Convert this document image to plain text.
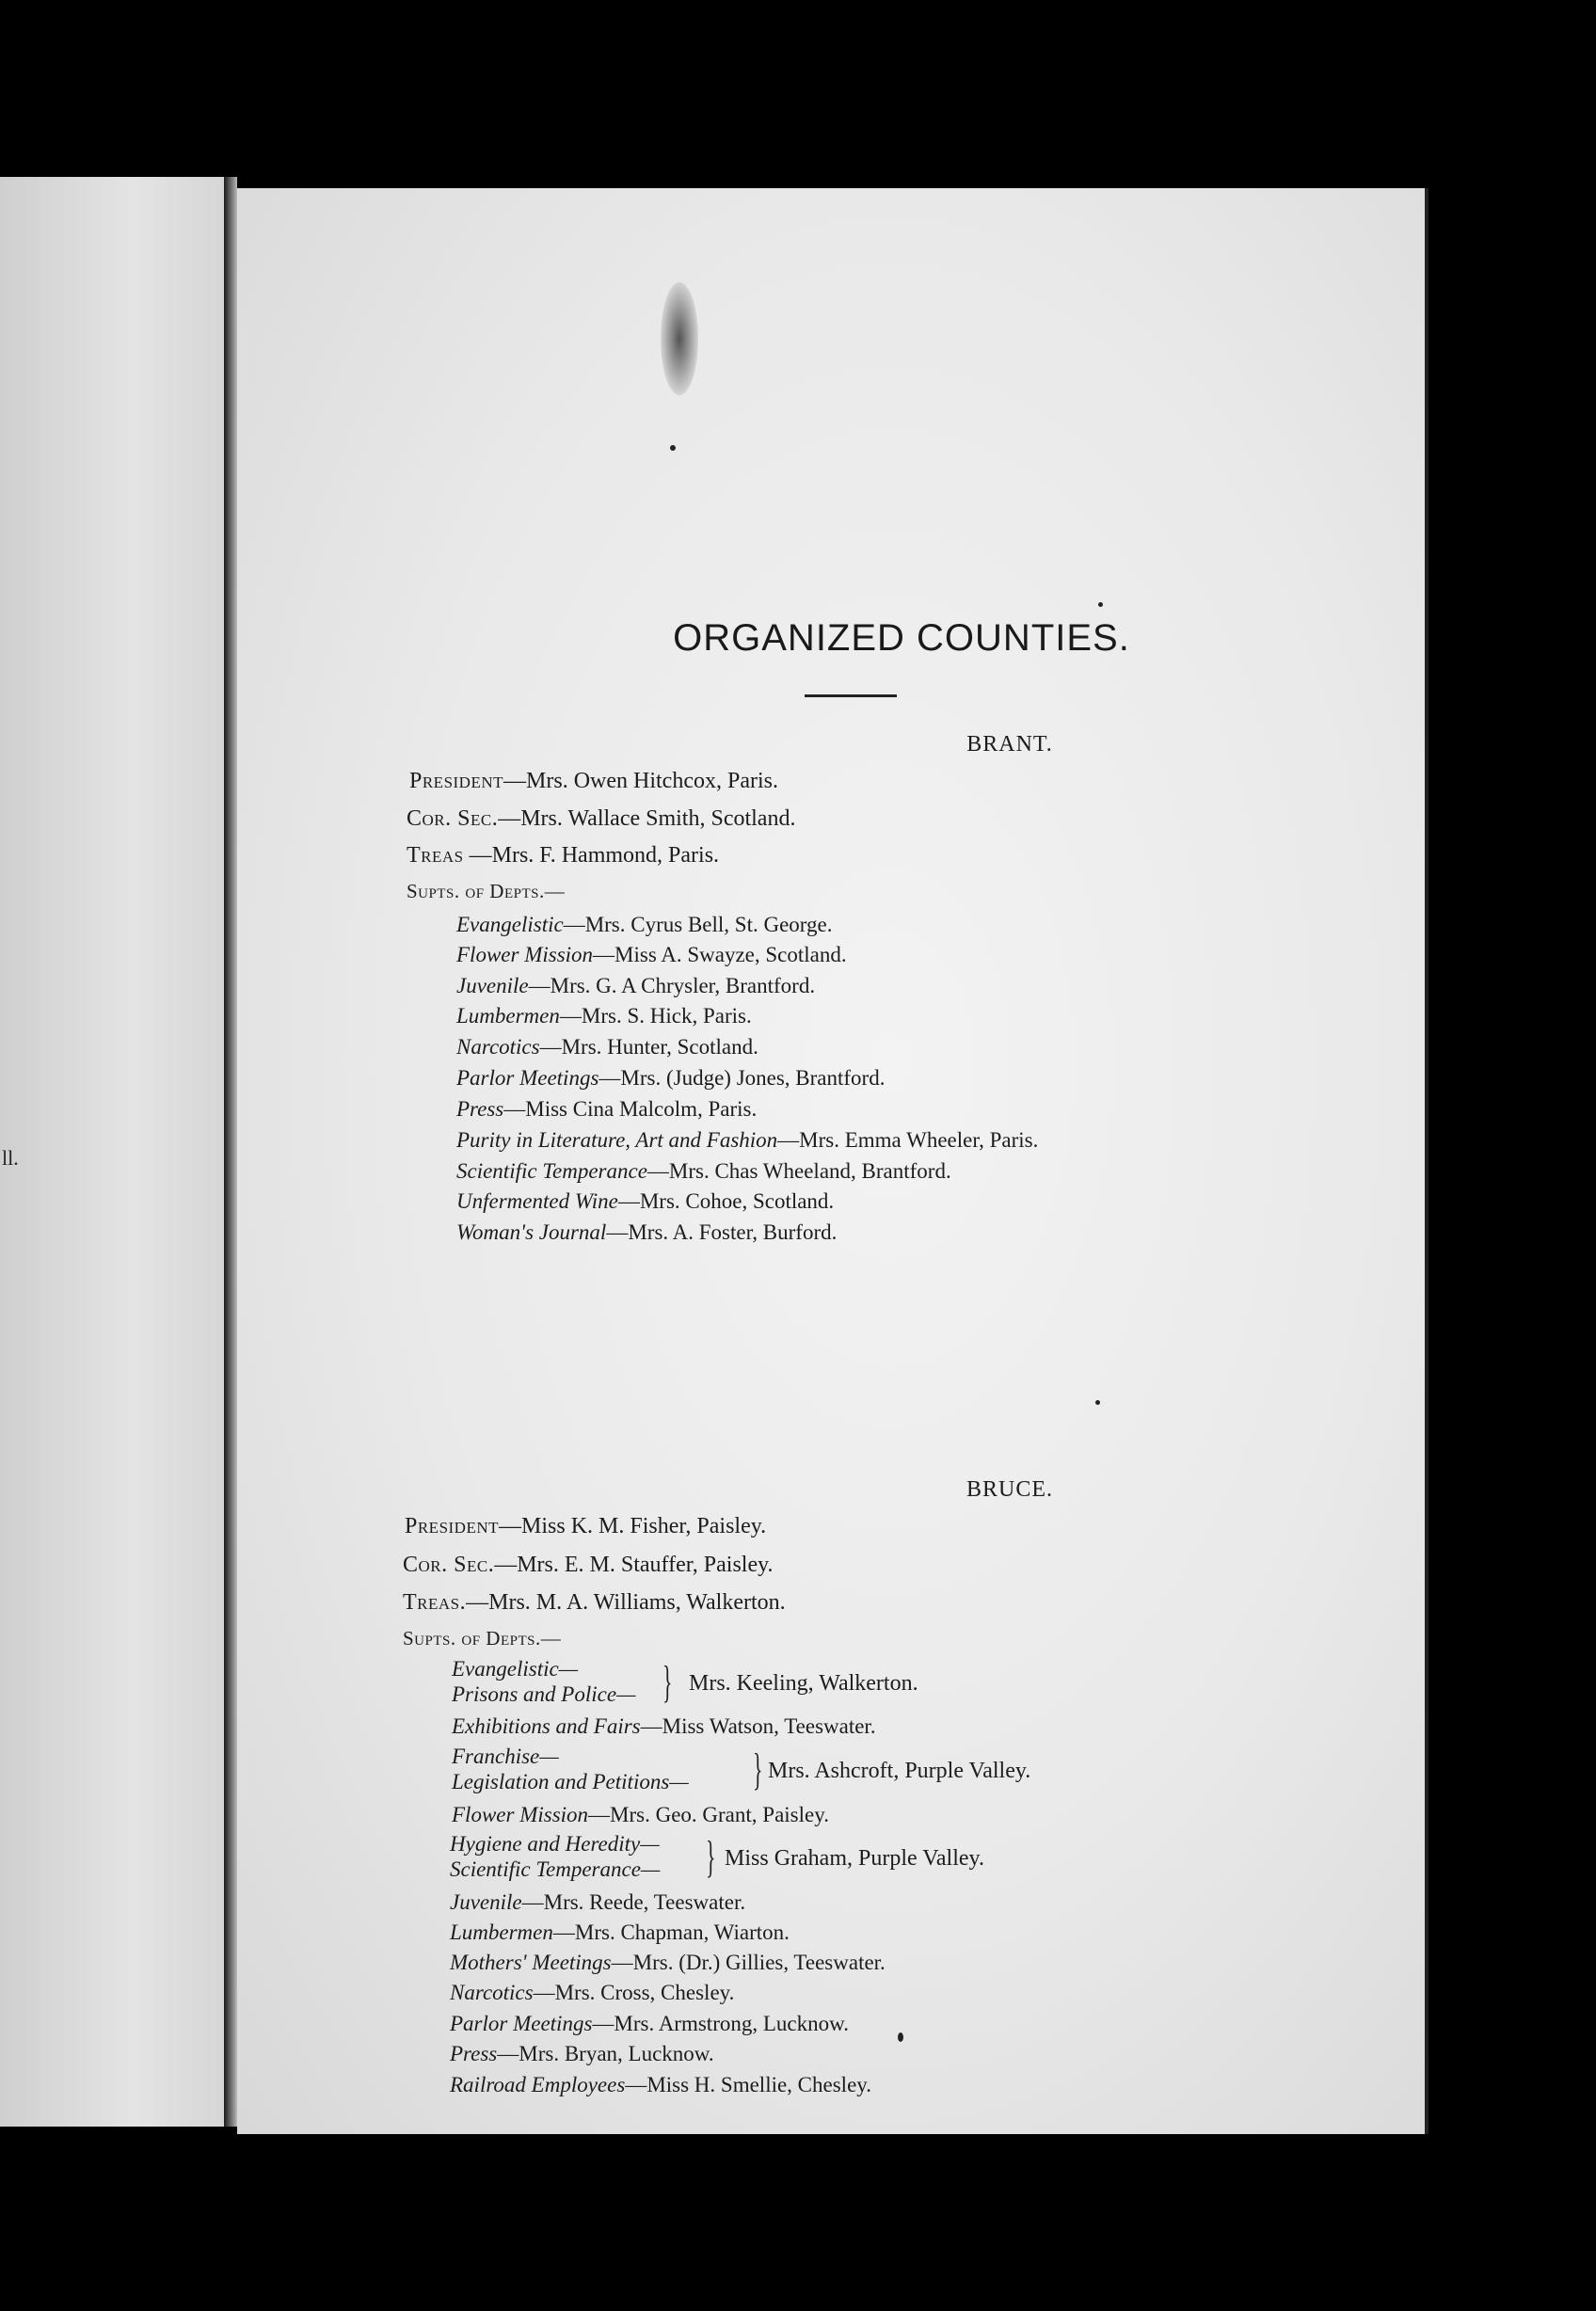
ll.
ORGANIZED COUNTIES.
BRANT.
President—Mrs. Owen Hitchcox, Paris.
Cor. Sec.—Mrs. Wallace Smith, Scotland.
Treas —Mrs. F. Hammond, Paris.
Supts. of Depts.—
Evangelistic—Mrs. Cyrus Bell, St. George.
Flower Mission—Miss A. Swayze, Scotland.
Juvenile—Mrs. G. A Chrysler, Brantford.
Lumbermen—Mrs. S. Hick, Paris.
Narcotics—Mrs. Hunter, Scotland.
Parlor Meetings—Mrs. (Judge) Jones, Brantford.
Press—Miss Cina Malcolm, Paris.
Purity in Literature, Art and Fashion—Mrs. Emma Wheeler, Paris.
Scientific Temperance—Mrs. Chas Wheeland, Brantford.
Unfermented Wine—Mrs. Cohoe, Scotland.
Woman's Journal—Mrs. A. Foster, Burford.
BRUCE.
President—Miss K. M. Fisher, Paisley.
Cor. Sec.—Mrs. E. M. Stauffer, Paisley.
Treas.—Mrs. M. A. Williams, Walkerton.
Supts. of Depts.—
Evangelistic—
Prisons and Police— } Mrs. Keeling, Walkerton.
Exhibitions and Fairs—Miss Watson, Teeswater.
Franchise—
Legislation and Petitions— } Mrs. Ashcroft, Purple Valley.
Flower Mission—Mrs. Geo. Grant, Paisley.
Hygiene and Heredity—
Scientific Temperance— } Miss Graham, Purple Valley.
Juvenile—Mrs. Reede, Teeswater.
Lumbermen—Mrs. Chapman, Wiarton.
Mothers' Meetings—Mrs. (Dr.) Gillies, Teeswater.
Narcotics—Mrs. Cross, Chesley.
Parlor Meetings—Mrs. Armstrong, Lucknow.
Press—Mrs. Bryan, Lucknow.
Railroad Employees—Miss H. Smellie, Chesley.
